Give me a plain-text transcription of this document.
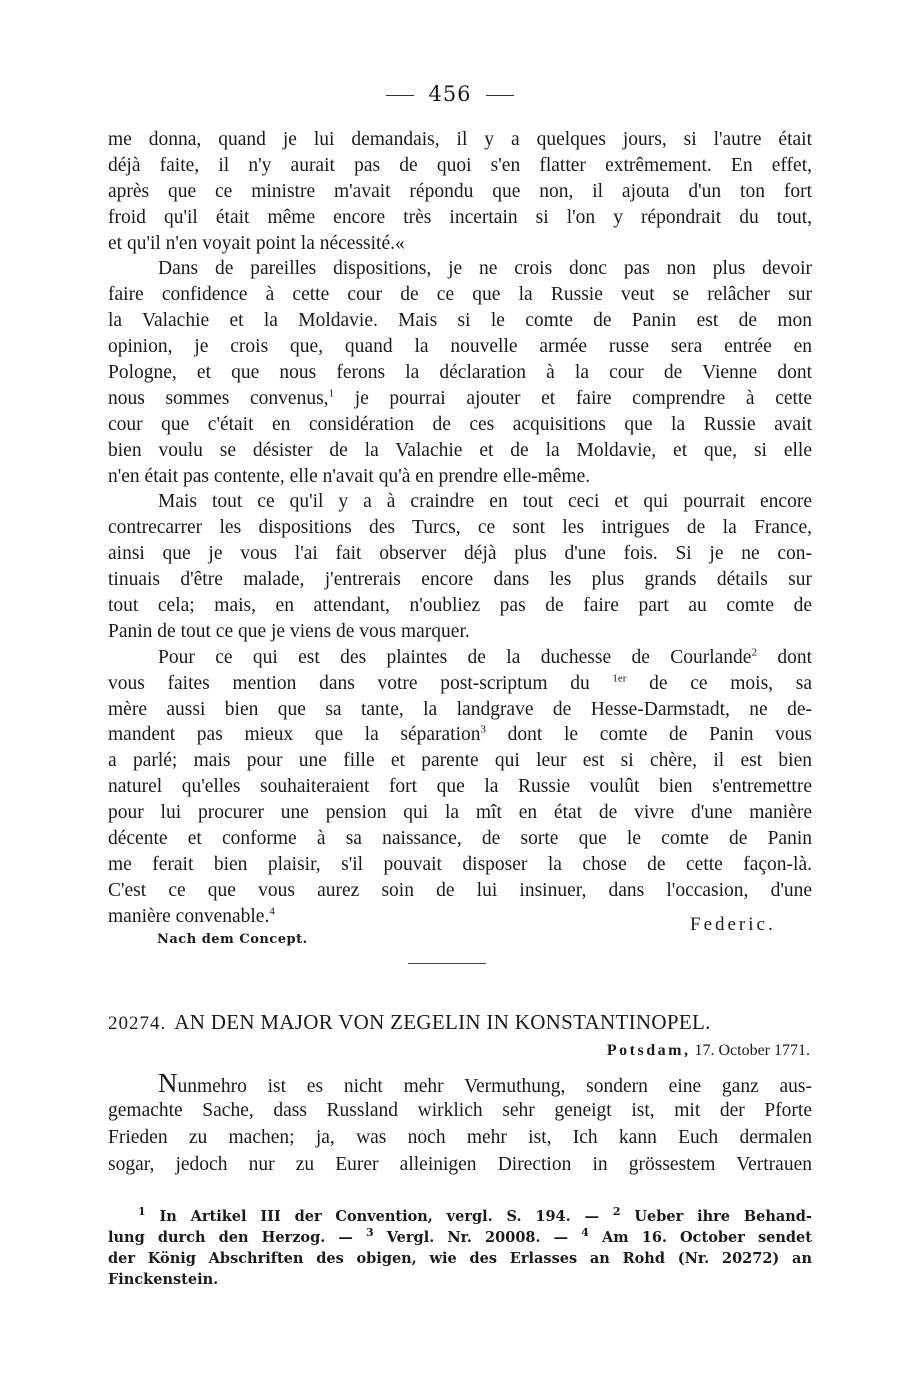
456
me donna, quand je lui demandais, il y a quelques jours, si l'autre était
déjà faite, il n'y aurait pas de quoi s'en flatter extrêmement. En effet,
après que ce ministre m'avait répondu que non, il ajouta d'un ton fort
froid qu'il était même encore très incertain si l'on y répondrait du tout,
et qu'il n'en voyait point la nécessité.«
Dans de pareilles dispositions, je ne crois donc pas non plus devoir
faire confidence à cette cour de ce que la Russie veut se relâcher sur
la Valachie et la Moldavie. Mais si le comte de Panin est de mon
opinion, je crois que, quand la nouvelle armée russe sera entrée en
Pologne, et que nous ferons la déclaration à la cour de Vienne dont
nous sommes convenus,$^1$ je pourrai ajouter et faire comprendre à cette
cour que c'était en considération de ces acquisitions que la Russie avait
bien voulu se désister de la Valachie et de la Moldavie, et que, si elle
n'en était pas contente, elle n'avait qu'à en prendre elle-même.
Mais tout ce qu'il y a à craindre en tout ceci et qui pourrait encore
contrecarrer les dispositions des Turcs, ce sont les intrigues de la France,
ainsi que je vous l'ai fait observer déjà plus d'une fois. Si je ne con-
tinuais d'être malade, j'entrerais encore dans les plus grands détails sur
tout cela; mais, en attendant, n'oubliez pas de faire part au comte de
Panin de tout ce que je viens de vous marquer.
Pour ce qui est des plaintes de la duchesse de Courlande$^2$ dont
vous faites mention dans votre post-scriptum du $^{1er}$ de ce mois, sa
mère aussi bien que sa tante, la landgrave de Hesse-Darmstadt, ne de-
mandent pas mieux que la séparation$^3$ dont le comte de Panin vous
a parlé; mais pour une fille et parente qui leur est si chère, il est bien
naturel qu'elles souhaiteraient fort que la Russie voulût bien s'entremettre
pour lui procurer une pension qui la mît en état de vivre d'une manière
décente et conforme à sa naissance, de sorte que le comte de Panin
me ferait bien plaisir, s'il pouvait disposer la chose de cette façon-là.
C'est ce que vous aurez soin de lui insinuer, dans l'occasion, d'une
manière convenable.$^4$
Federic.
Nach dem Concept.
20274. AN DEN MAJOR VON ZEGELIN IN KONSTANTINOPEL.
Potsdam, 17. October 1771.
Nunmehro ist es nicht mehr Vermuthung, sondern eine ganz aus-
gemachte Sache, dass Russland wirklich sehr geneigt ist, mit der Pforte
Frieden zu machen; ja, was noch mehr ist, Ich kann Euch dermalen
sogar, jedoch nur zu Eurer alleinigen Direction in grössestem Vertrauen
$^1$ In Artikel III der Convention, vergl. S. 194. — $^2$ Ueber ihre Behand-
lung durch den Herzog. — $^3$ Vergl. Nr. 20008. — $^4$ Am 16. October sendet
der König Abschriften des obigen, wie des Erlasses an Rohd (Nr. 20272) an
Finckenstein.
